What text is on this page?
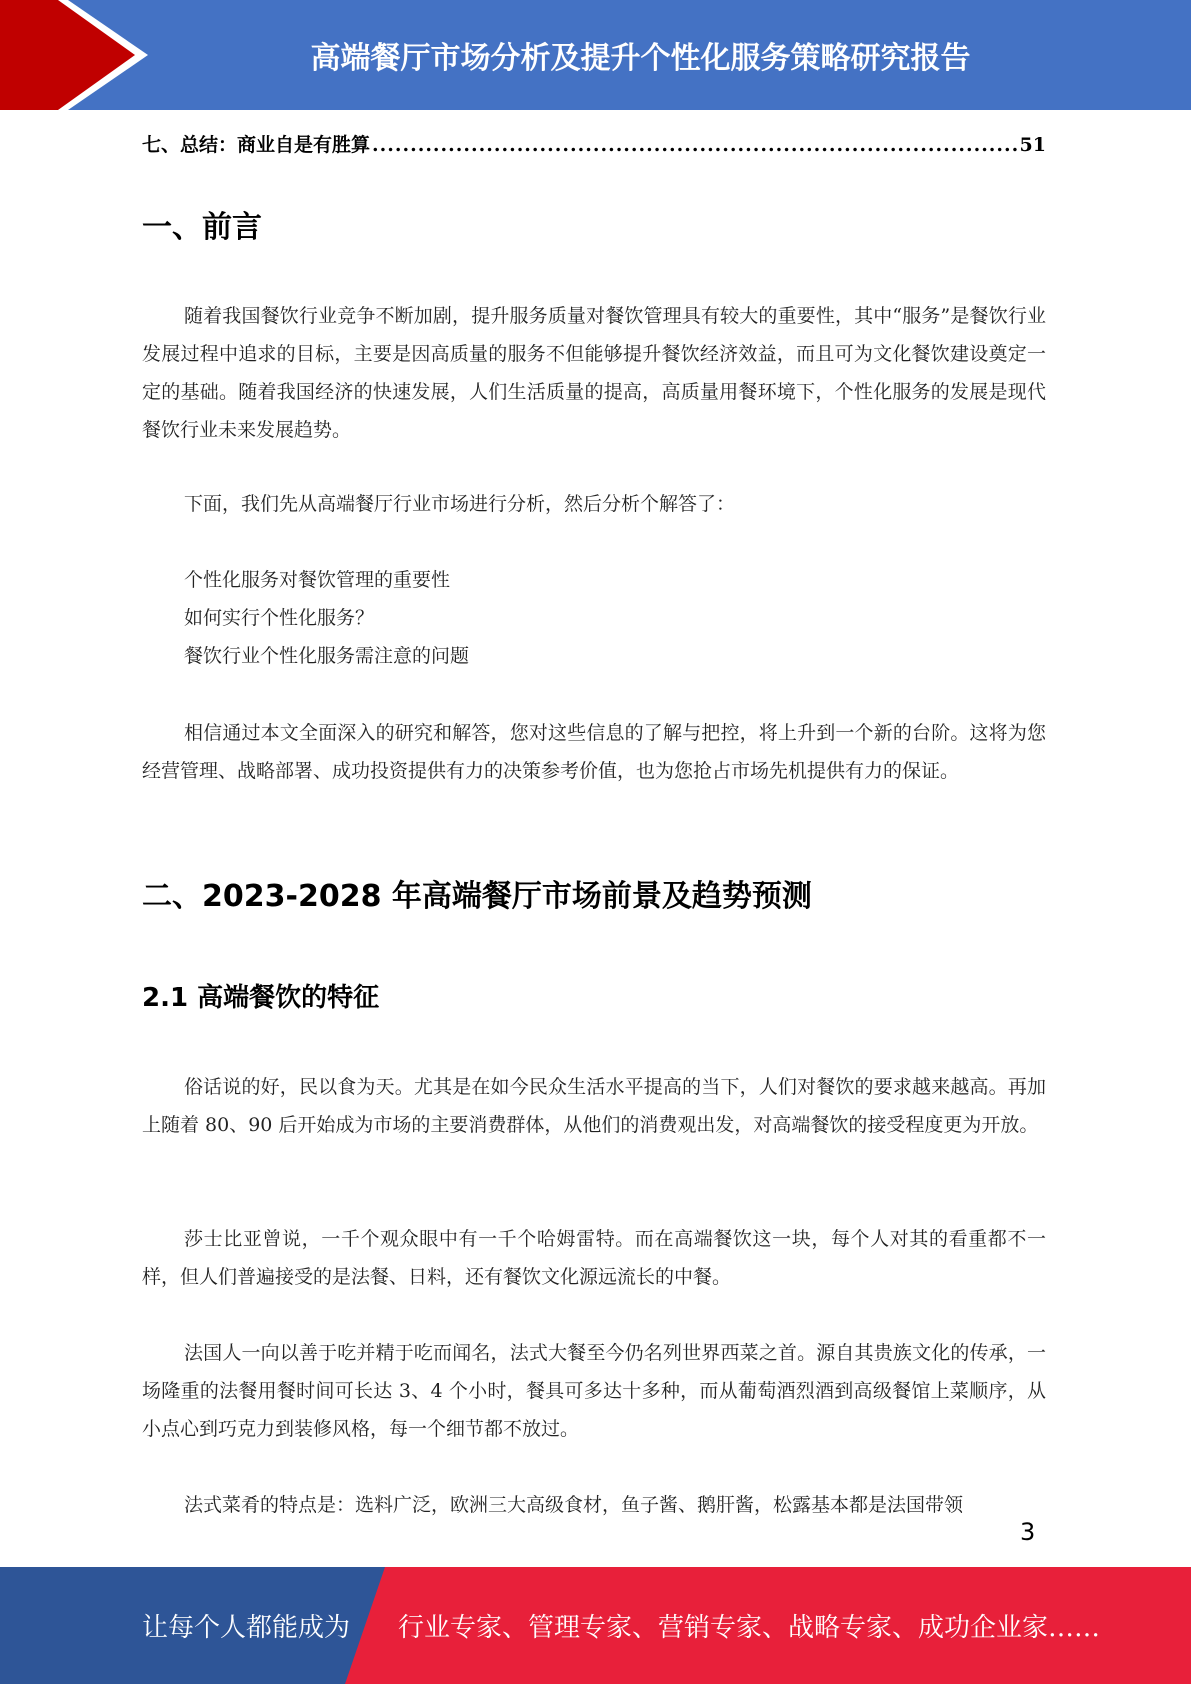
高端餐厅市场分析及提升个性化服务策略研究报告
七、总结：商业自是有胜算
.....	51
一、前言

随着我国餐饮行业竞争不断加剧，提升服务质量对餐饮管理具有较大的重要性，其中“服务”是餐饮行业发展过程中追求的目标，主要是因高质量的服务不但能够提升餐饮经济效益，而且可为文化餐饮建设奠定一定的基础。随着我国经济的快速发展，人们生活质量的提高，高质量用餐环境下，个性化服务的发展是现代餐饮行业未来发展趋势。

下面，我们先从高端餐厅行业市场进行分析，然后分析个解答了：

个性化服务对餐饮管理的重要性
如何实行个性化服务？
餐饮行业个性化服务需注意的问题

相信通过本文全面深入的研究和解答，您对这些信息的了解与把控，将上升到一个新的台阶。这将为您经营管理、战略部署、成功投资提供有力的决策参考价值，也为您抢占市场先机提供有力的保证。

二、2023-2028 年高端餐厅市场前景及趋势预测
2.1 高端餐饮的特征

俗话说的好，民以食为天。尤其是在如今民众生活水平提高的当下，人们对餐饮的要求越来越高。再加上随着 80、90 后开始成为市场的主要消费群体，从他们的消费观出发，对高端餐饮的接受程度更为开放。

莎士比亚曾说，一千个观众眼中有一千个哈姆雷特。而在高端餐饮这一块，每个人对其的看重都不一样，但人们普遍接受的是法餐、日料，还有餐饮文化源远流长的中餐。

法国人一向以善于吃并精于吃而闻名，法式大餐至今仍名列世界西菜之首。源自其贵族文化的传承，一场隆重的法餐用餐时间可长达 3、4 个小时，餐具可多达十多种，而从葡萄酒烈酒到高级餐馆上菜顺序，从小点心到巧克力到装修风格，每一个细节都不放过。

法式菜肴的特点是：选料广泛，欧洲三大高级食材，鱼子酱、鹅肝酱，松露基本都是法国带领

3
让每个人都能成为 行业专家、管理专家、营销专家、战略专家、成功企业家……
